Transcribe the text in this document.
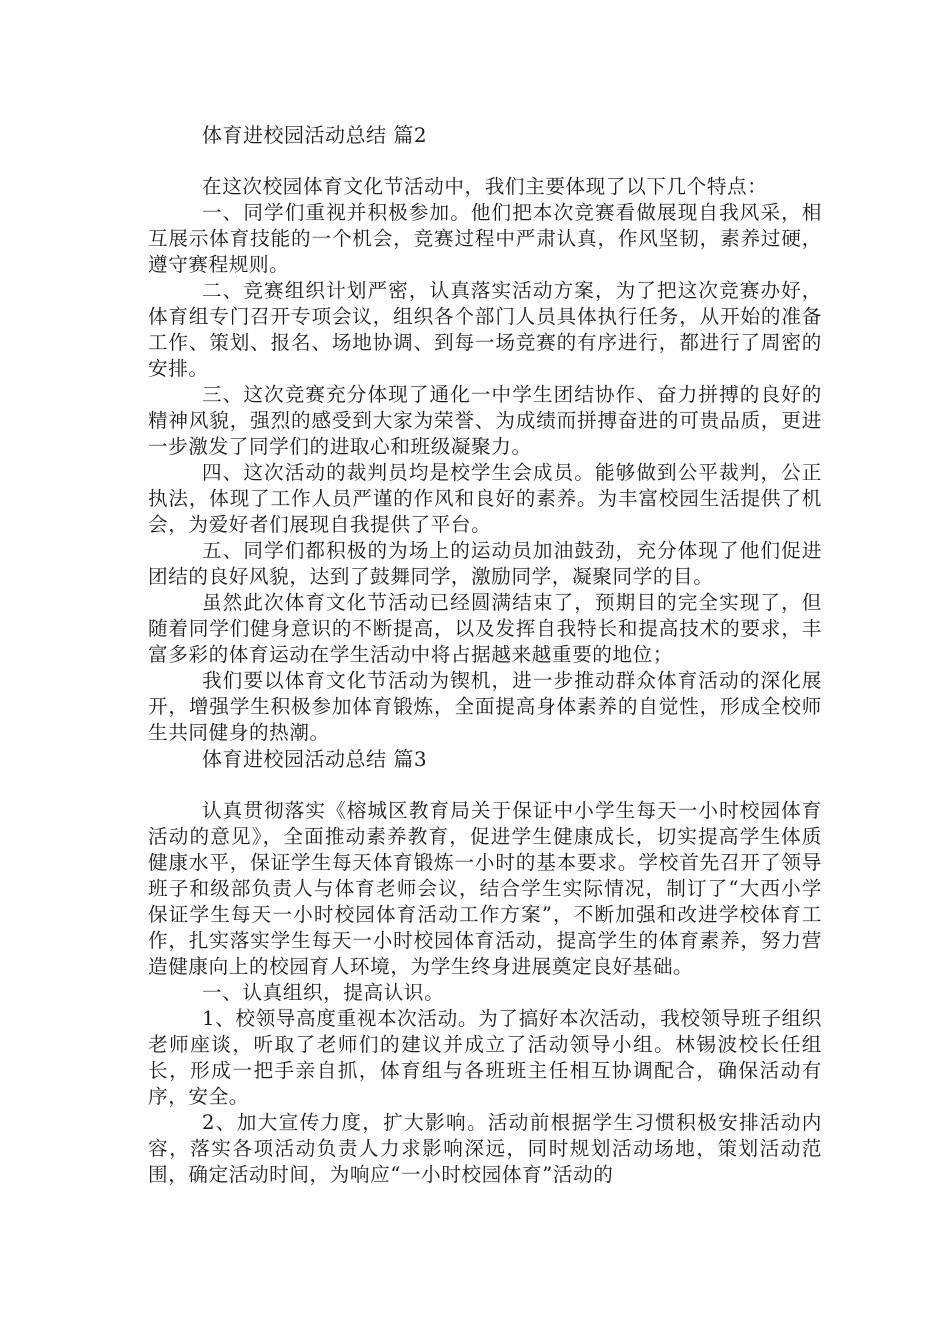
体育进校园活动总结 篇2

在这次校园体育文化节活动中，我们主要体现了以下几个特点：

一、同学们重视并积极参加。他们把本次竞赛看做展现自我风采，相互展示体育技能的一个机会，竞赛过程中严肃认真，作风坚韧，素养过硬，遵守赛程规则。

二、竞赛组织计划严密，认真落实活动方案，为了把这次竞赛办好，体育组专门召开专项会议，组织各个部门人员具体执行任务，从开始的准备工作、策划、报名、场地协调、到每一场竞赛的有序进行，都进行了周密的安排。

三、这次竞赛充分体现了通化一中学生团结协作、奋力拼搏的良好的精神风貌，强烈的感受到大家为荣誉、为成绩而拼搏奋进的可贵品质，更进一步激发了同学们的进取心和班级凝聚力。

四、这次活动的裁判员均是校学生会成员。能够做到公平裁判，公正执法，体现了工作人员严谨的作风和良好的素养。为丰富校园生活提供了机会，为爱好者们展现自我提供了平台。

五、同学们都积极的为场上的运动员加油鼓劲，充分体现了他们促进团结的良好风貌，达到了鼓舞同学，激励同学，凝聚同学的目。

虽然此次体育文化节活动已经圆满结束了，预期目的完全实现了，但随着同学们健身意识的不断提高，以及发挥自我特长和提高技术的要求，丰富多彩的体育运动在学生活动中将占据越来越重要的地位；

我们要以体育文化节活动为锲机，进一步推动群众体育活动的深化展开，增强学生积极参加体育锻炼，全面提高身体素养的自觉性，形成全校师生共同健身的热潮。

体育进校园活动总结 篇3

认真贯彻落实《榕城区教育局关于保证中小学生每天一小时校园体育活动的意见》，全面推动素养教育，促进学生健康成长，切实提高学生体质健康水平，保证学生每天体育锻炼一小时的基本要求。学校首先召开了领导班子和级部负责人与体育老师会议，结合学生实际情况，制订了“大西小学保证学生每天一小时校园体育活动工作方案”，不断加强和改进学校体育工作，扎实落实学生每天一小时校园体育活动，提高学生的体育素养，努力营造健康向上的校园育人环境，为学生终身进展奠定良好基础。

一、认真组织，提高认识。

1、校领导高度重视本次活动。为了搞好本次活动，我校领导班子组织老师座谈，听取了老师们的建议并成立了活动领导小组。林锡波校长任组长，形成一把手亲自抓，体育组与各班班主任相互协调配合，确保活动有序，安全。

2、加大宣传力度，扩大影响。活动前根据学生习惯积极安排活动内容，落实各项活动负责人力求影响深远，同时规划活动场地，策划活动范围，确定活动时间，为响应“一小时校园体育”活动的
